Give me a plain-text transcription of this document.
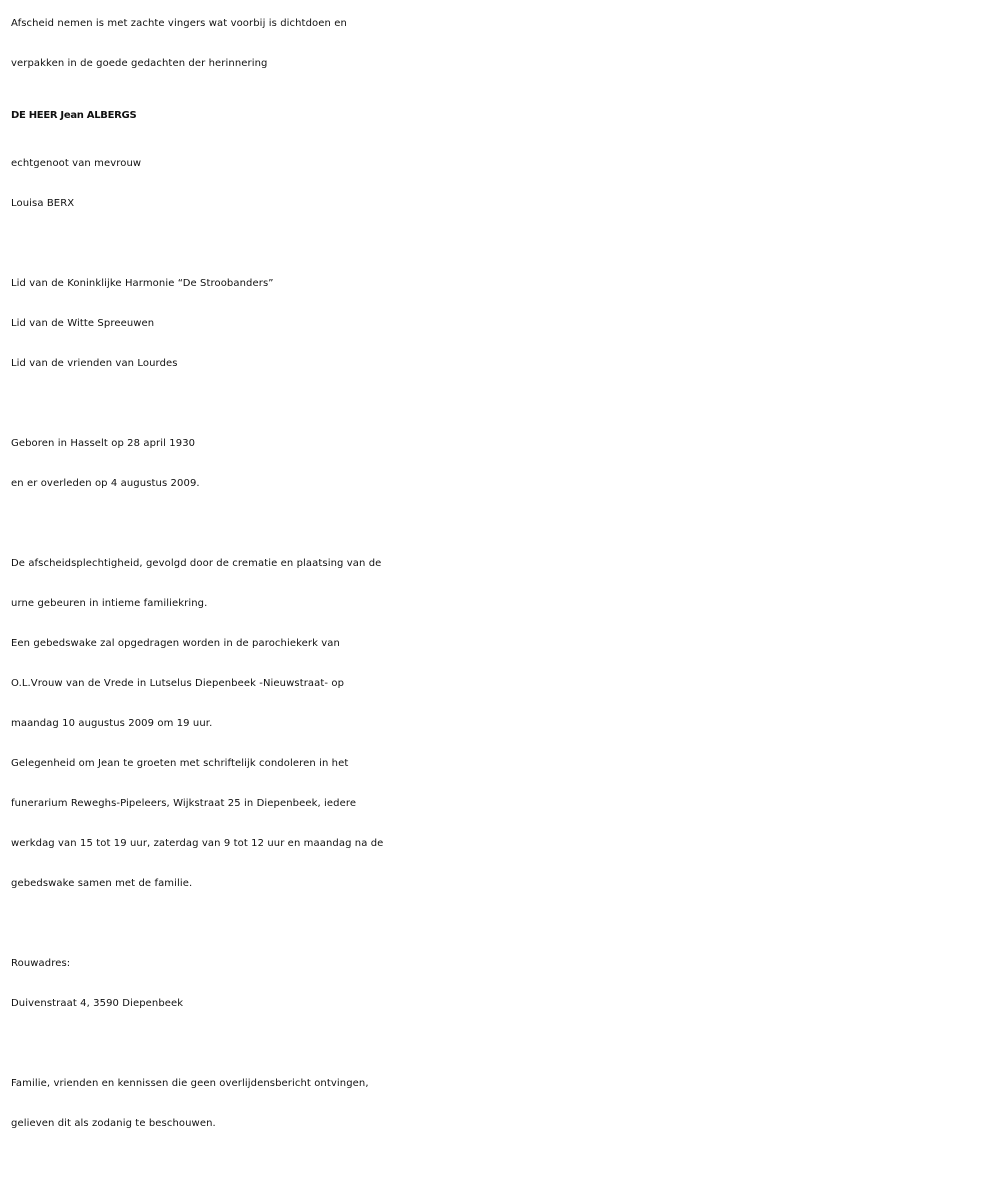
Afscheid nemen is met zachte vingers wat voorbij is dichtdoen en
verpakken in de goede gedachten der herinnering
DE HEER Jean ALBERGS
echtgenoot van mevrouw
Louisa BERX
Lid van de Koninklijke Harmonie “De Stroobanders”
Lid van de Witte Spreeuwen
Lid van de vrienden van Lourdes
Geboren in Hasselt op 28 april 1930
en er overleden op 4 augustus 2009.
De afscheidsplechtigheid, gevolgd door de crematie en plaatsing van de
urne gebeuren in intieme familiekring.
Een gebedswake zal opgedragen worden in de parochiekerk van
O.L.Vrouw van de Vrede in Lutselus Diepenbeek -Nieuwstraat- op
maandag 10 augustus 2009 om 19 uur.
Gelegenheid om Jean te groeten met schriftelijk condoleren in het
funerarium Reweghs-Pipeleers, Wijkstraat 25 in Diepenbeek, iedere
werkdag van 15 tot 19 uur, zaterdag van 9 tot 12 uur en maandag na de
gebedswake samen met de familie.
Rouwadres:
Duivenstraat 4, 3590 Diepenbeek
Familie, vrienden en kennissen die geen overlijdensbericht ontvingen,
gelieven dit als zodanig te beschouwen.
